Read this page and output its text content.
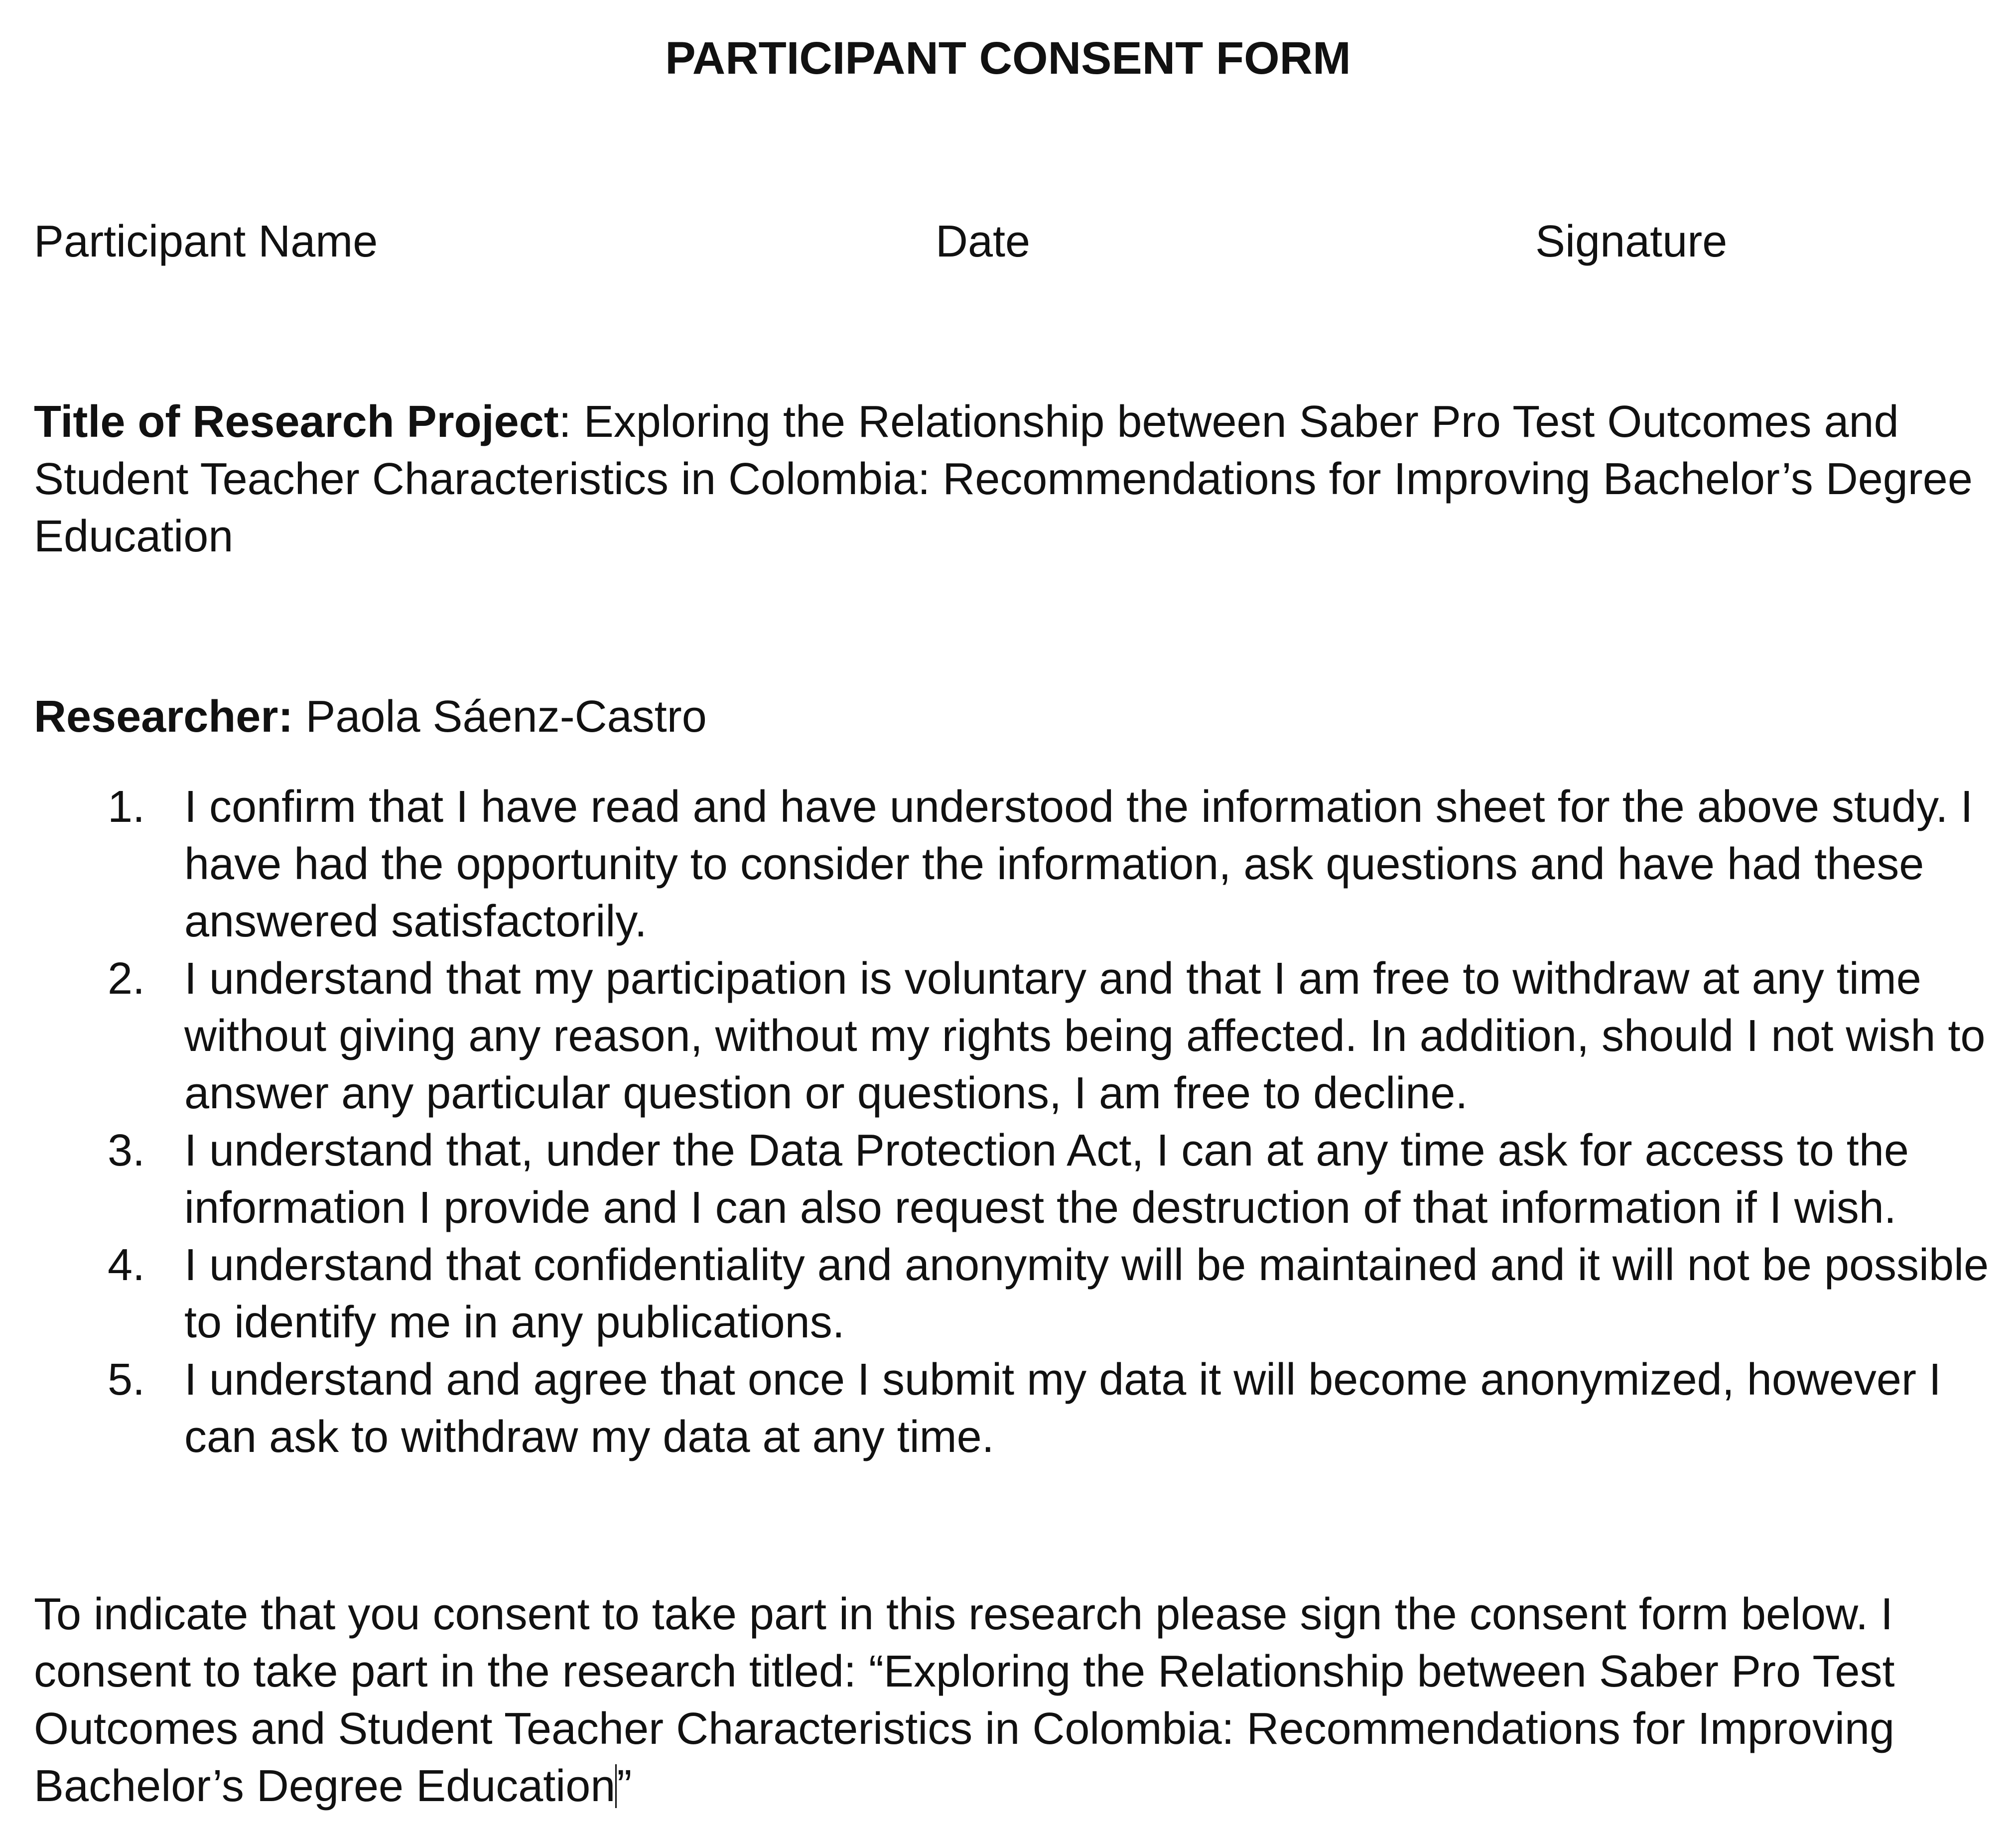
PARTICIPANT CONSENT FORM
Participant Name	Date	Signature
Title of Research Project: Exploring the Relationship between Saber Pro Test Outcomes and Student Teacher Characteristics in Colombia: Recommendations for Improving Bachelor’s Degree Education
Researcher: Paola Sáenz-Castro
1. I confirm that I have read and have understood the information sheet for the above study. I have had the opportunity to consider the information, ask questions and have had these answered satisfactorily.
2. I understand that my participation is voluntary and that I am free to withdraw at any time without giving any reason, without my rights being affected. In addition, should I not wish to answer any particular question or questions, I am free to decline.
3. I understand that, under the Data Protection Act, I can at any time ask for access to the information I provide and I can also request the destruction of that information if I wish.
4. I understand that confidentiality and anonymity will be maintained and it will not be possible to identify me in any publications.
5. I understand and agree that once I submit my data it will become anonymized, however I can ask to withdraw my data at any time.
To indicate that you consent to take part in this research please sign the consent form below. I consent to take part in the research titled: “Exploring the Relationship between Saber Pro Test Outcomes and Student Teacher Characteristics in Colombia: Recommendations for Improving Bachelor’s Degree Education”
